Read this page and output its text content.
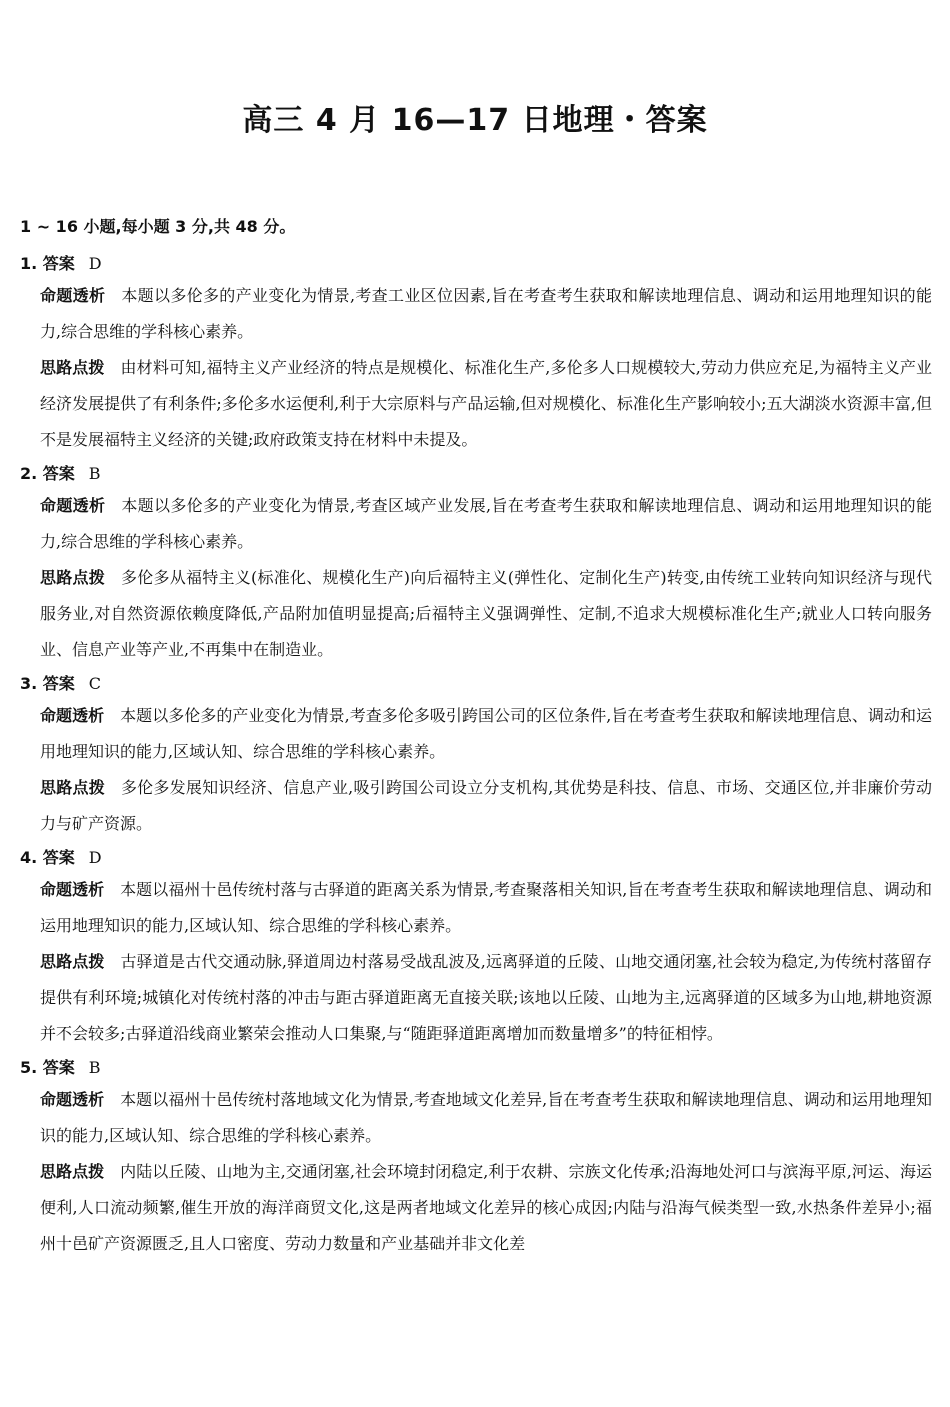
高三 4 月 16—17 日地理・答案
1 ~ 16 小题,每小题 3 分,共 48 分。
1. 答案 D

命题透析 本题以多伦多的产业变化为情景,考查工业区位因素,旨在考查考生获取和解读地理信息、调动和运用地理知识的能力,综合思维的学科核心素养。

思路点拨 由材料可知,福特主义产业经济的特点是规模化、标准化生产,多伦多人口规模较大,劳动力供应充足,为福特主义产业经济发展提供了有利条件;多伦多水运便利,利于大宗原料与产品运输,但对规模化、标准化生产影响较小;五大湖淡水资源丰富,但不是发展福特主义经济的关键;政府政策支持在材料中未提及。

2. 答案 B

命题透析 本题以多伦多的产业变化为情景,考查区域产业发展,旨在考查考生获取和解读地理信息、调动和运用地理知识的能力,综合思维的学科核心素养。

思路点拨 多伦多从福特主义(标准化、规模化生产)向后福特主义(弹性化、定制化生产)转变,由传统工业转向知识经济与现代服务业,对自然资源依赖度降低,产品附加值明显提高;后福特主义强调弹性、定制,不追求大规模标准化生产;就业人口转向服务业、信息产业等产业,不再集中在制造业。

3. 答案 C

命题透析 本题以多伦多的产业变化为情景,考查多伦多吸引跨国公司的区位条件,旨在考查考生获取和解读地理信息、调动和运用地理知识的能力,区域认知、综合思维的学科核心素养。

思路点拨 多伦多发展知识经济、信息产业,吸引跨国公司设立分支机构,其优势是科技、信息、市场、交通区位,并非廉价劳动力与矿产资源。

4. 答案 D

命题透析 本题以福州十邑传统村落与古驿道的距离关系为情景,考查聚落相关知识,旨在考查考生获取和解读地理信息、调动和运用地理知识的能力,区域认知、综合思维的学科核心素养。

思路点拨 古驿道是古代交通动脉,驿道周边村落易受战乱波及,远离驿道的丘陵、山地交通闭塞,社会较为稳定,为传统村落留存提供有利环境;城镇化对传统村落的冲击与距古驿道距离无直接关联;该地以丘陵、山地为主,远离驿道的区域多为山地,耕地资源并不会较多;古驿道沿线商业繁荣会推动人口集聚,与“随距驿道距离增加而数量增多”的特征相悖。

5. 答案 B

命题透析 本题以福州十邑传统村落地域文化为情景,考查地域文化差异,旨在考查考生获取和解读地理信息、调动和运用地理知识的能力,区域认知、综合思维的学科核心素养。

思路点拨 内陆以丘陵、山地为主,交通闭塞,社会环境封闭稳定,利于农耕、宗族文化传承;沿海地处河口与滨海平原,河运、海运便利,人口流动频繁,催生开放的海洋商贸文化,这是两者地域文化差异的核心成因;内陆与沿海气候类型一致,水热条件差异小;福州十邑矿产资源匮乏,且人口密度、劳动力数量和产业基础并非文化差
